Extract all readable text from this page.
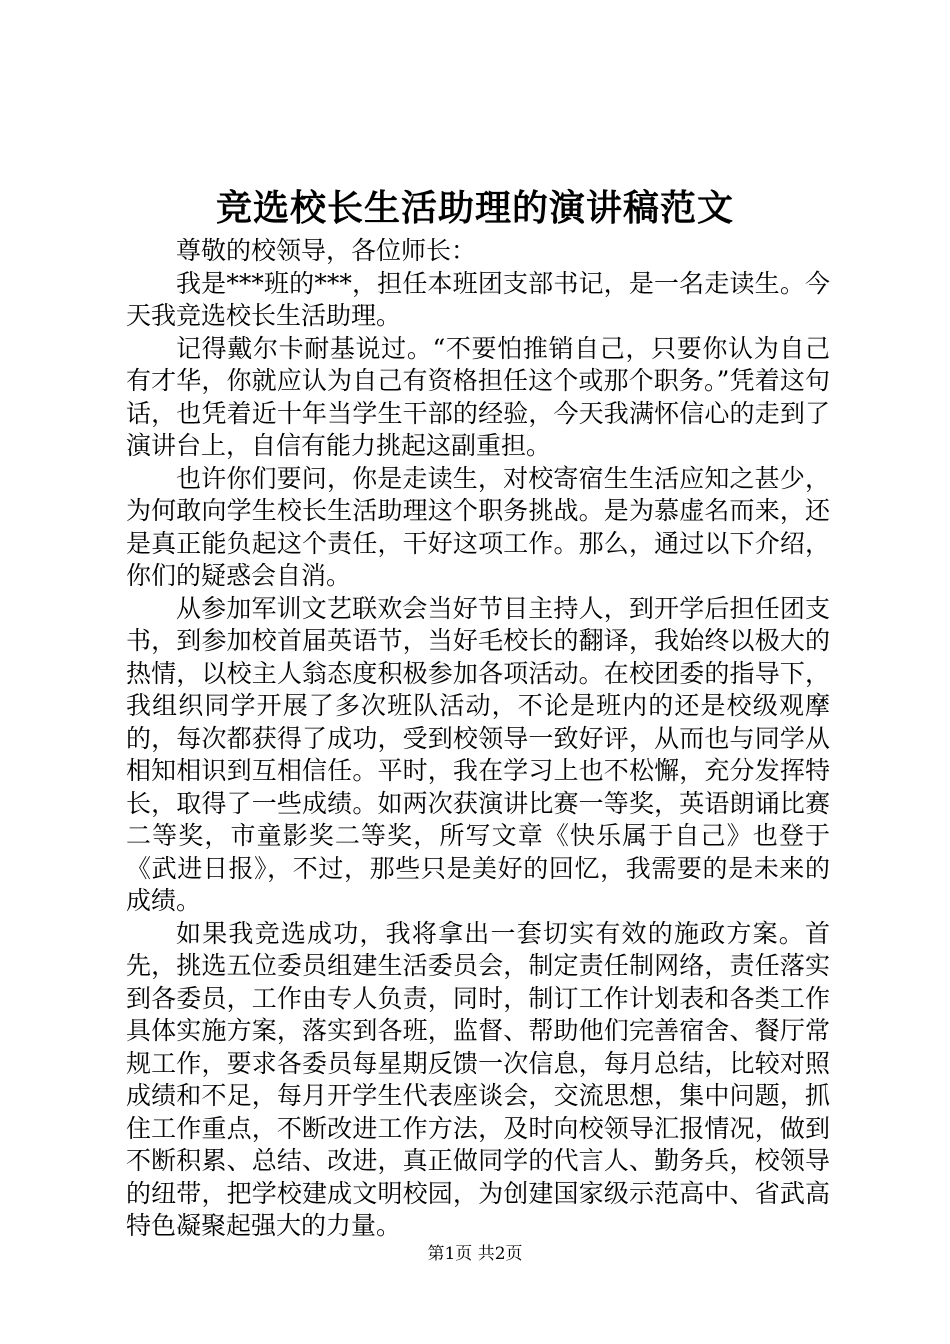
竞选校长生活助理的演讲稿范文

尊敬的校领导，各位师长：

我是***班的***，担任本班团支部书记，是一名走读生。今天我竞选校长生活助理。

记得戴尔卡耐基说过。“不要怕推销自己，只要你认为自己有才华，你就应认为自己有资格担任这个或那个职务。”凭着这句话，也凭着近十年当学生干部的经验，今天我满怀信心的走到了演讲台上，自信有能力挑起这副重担。

也许你们要问，你是走读生，对校寄宿生生活应知之甚少，为何敢向学生校长生活助理这个职务挑战。是为慕虚名而来，还是真正能负起这个责任，干好这项工作。那么，通过以下介绍，你们的疑惑会自消。

从参加军训文艺联欢会当好节目主持人，到开学后担任团支书，到参加校首届英语节，当好毛校长的翻译，我始终以极大的热情，以校主人翁态度积极参加各项活动。在校团委的指导下，我组织同学开展了多次班队活动，不论是班内的还是校级观摩的，每次都获得了成功，受到校领导一致好评，从而也与同学从相知相识到互相信任。平时，我在学习上也不松懈，充分发挥特长，取得了一些成绩。如两次获演讲比赛一等奖，英语朗诵比赛二等奖，市童影奖二等奖，所写文章《快乐属于自己》也登于《武进日报》，不过，那些只是美好的回忆，我需要的是未来的成绩。

如果我竞选成功，我将拿出一套切实有效的施政方案。首先，挑选五位委员组建生活委员会，制定责任制网络，责任落实到各委员，工作由专人负责，同时，制订工作计划表和各类工作具体实施方案，落实到各班，监督、帮助他们完善宿舍、餐厅常规工作，要求各委员每星期反馈一次信息，每月总结，比较对照成绩和不足，每月开学生代表座谈会，交流思想，集中问题，抓住工作重点，不断改进工作方法，及时向校领导汇报情况，做到不断积累、总结、改进，真正做同学的代言人、勤务兵，校领导的纽带，把学校建成文明校园，为创建国家级示范高中、省武高特色凝聚起强大的力量。

第1页 共2页
